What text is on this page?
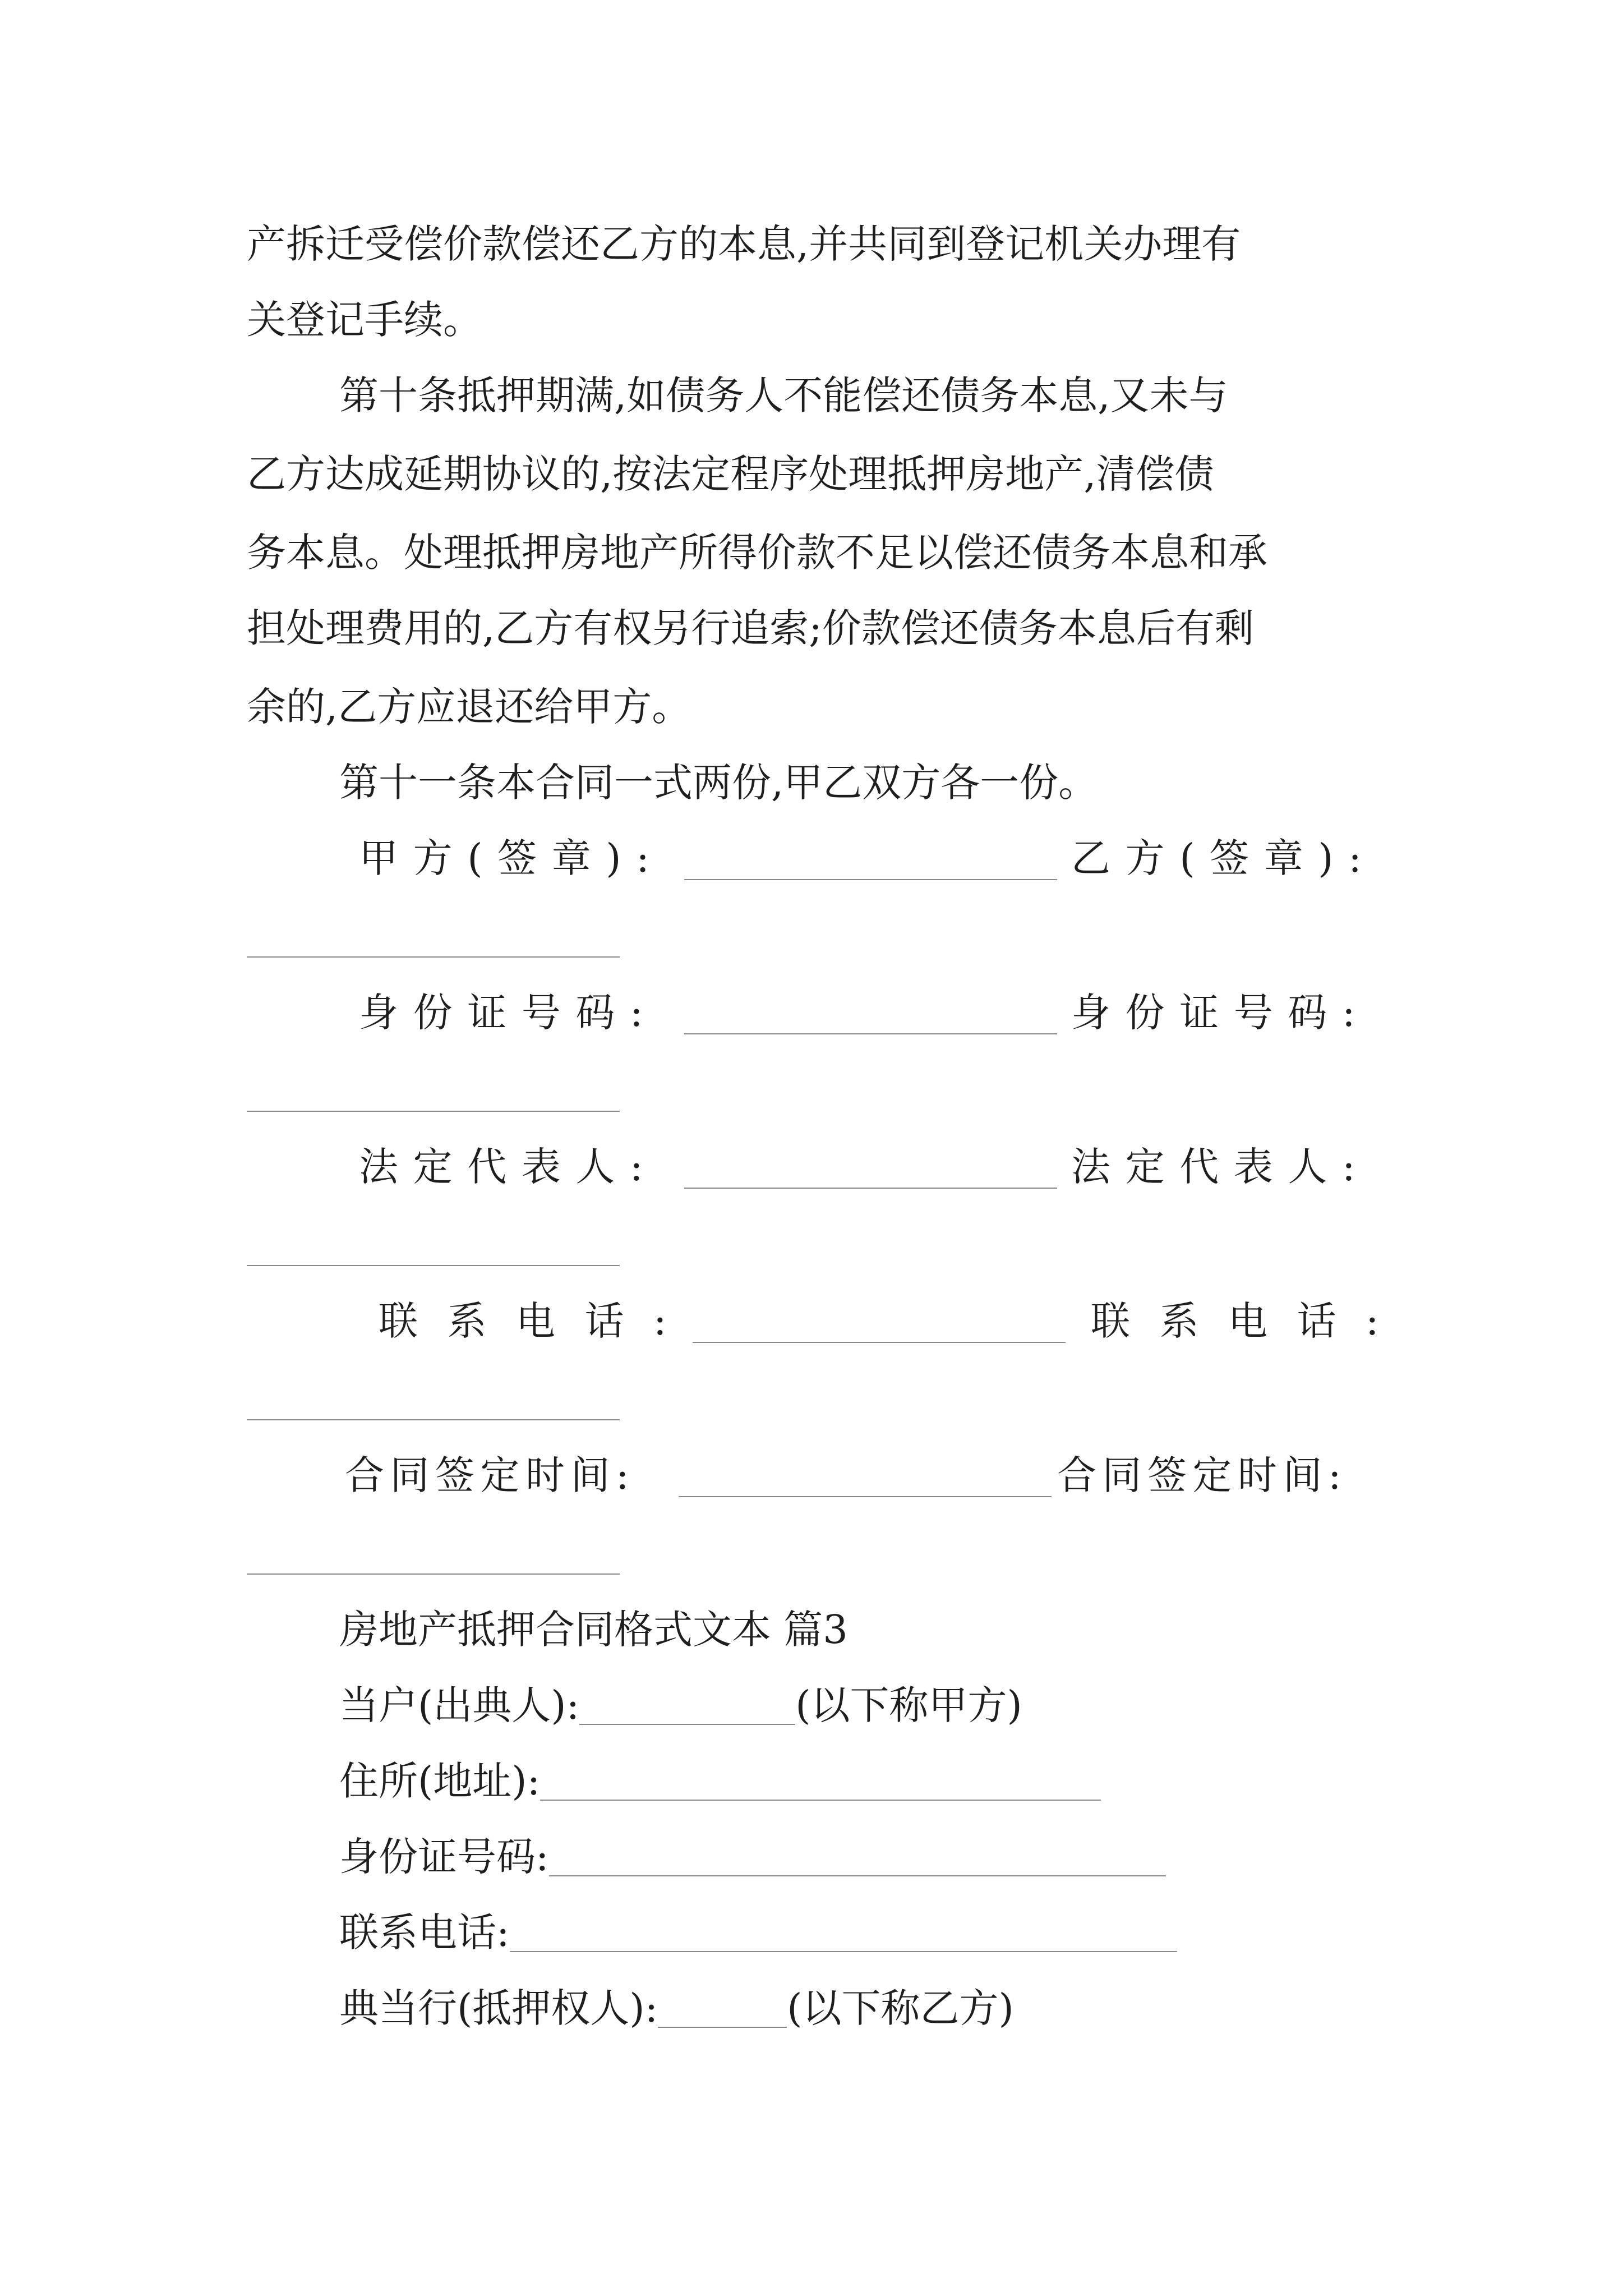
产拆迁受偿价款偿还乙方的本息,并共同到登记机关办理有
关登记手续。
第十条抵押期满,如债务人不能偿还债务本息,又未与
乙方达成延期协议的,按法定程序处理抵押房地产,清偿债
务本息。处理抵押房地产所得价款不足以偿还债务本息和承
担处理费用的,乙方有权另行追索;价款偿还债务本息后有剩
余的,乙方应退还给甲方。
第十一条本合同一式两份,甲乙双方各一份。
甲方(签章):	乙方(签章):
身份证号码:	身份证号码:
法定代表人:	法定代表人:
联系电话:	联系电话:
合同签定时间:	合同签定时间:
房地产抵押合同格式文本 篇3
当户(出典人):	(以下称甲方)
住所(地址):
身份证号码:
联系电话:
典当行(抵押权人):	(以下称乙方)
